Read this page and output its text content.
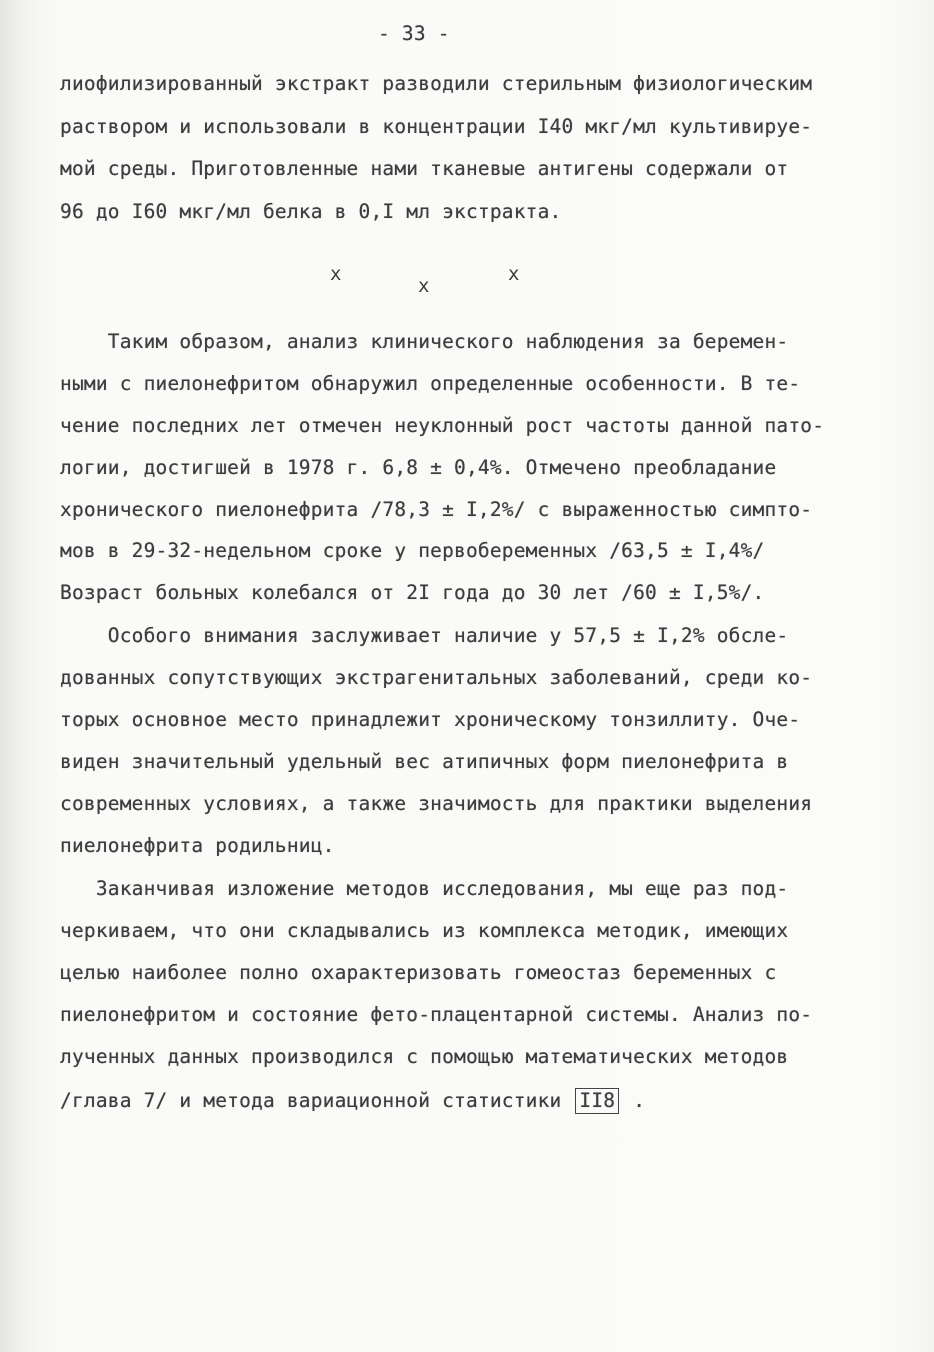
- 33 -
лиофилизированный экстракт разводили стерильным физиологическим
раствором и использовали в концентрации I40 мкг/мл культивируе-
мой среды. Приготовленные нами тканевые антигены содержали от
96 до I60 мкг/мл белка в 0,I мл экстракта.
x
x
x
Таким образом, анализ клинического наблюдения за беремен-
ными с пиелонефритом обнаружил определенные особенности. В те-
чение последних лет отмечен неуклонный рост частоты данной пато-
логии, достигшей в 1978 г. 6,8 ± 0,4%. Отмечено преобладание
хронического пиелонефрита /78,3 ± I,2%/ с выраженностью симпто-
мов в 29-32-недельном сроке у первобеременных /63,5 ± I,4%/
Возраст больных колебался от 2I года до 30 лет /60 ± I,5%/.
Особого внимания заслуживает наличие у 57,5 ± I,2% обсле-
дованных сопутствующих экстрагенитальных заболеваний, среди ко-
торых основное место принадлежит хроническому тонзиллиту. Оче-
виден значительный удельный вес атипичных форм пиелонефрита в
современных условиях, а также значимость для практики выделения
пиелонефрита родильниц.
Заканчивая изложение методов исследования, мы еще раз под-
черкиваем, что они складывались из комплекса методик, имеющих
целью наиболее полно охарактеризовать гомеостаз беременных с
пиелонефритом и состояние фето-плацентарной системы. Анализ по-
лученных данных производился с помощью математических методов
/глава 7/ и метода вариационной статистики II8 .
